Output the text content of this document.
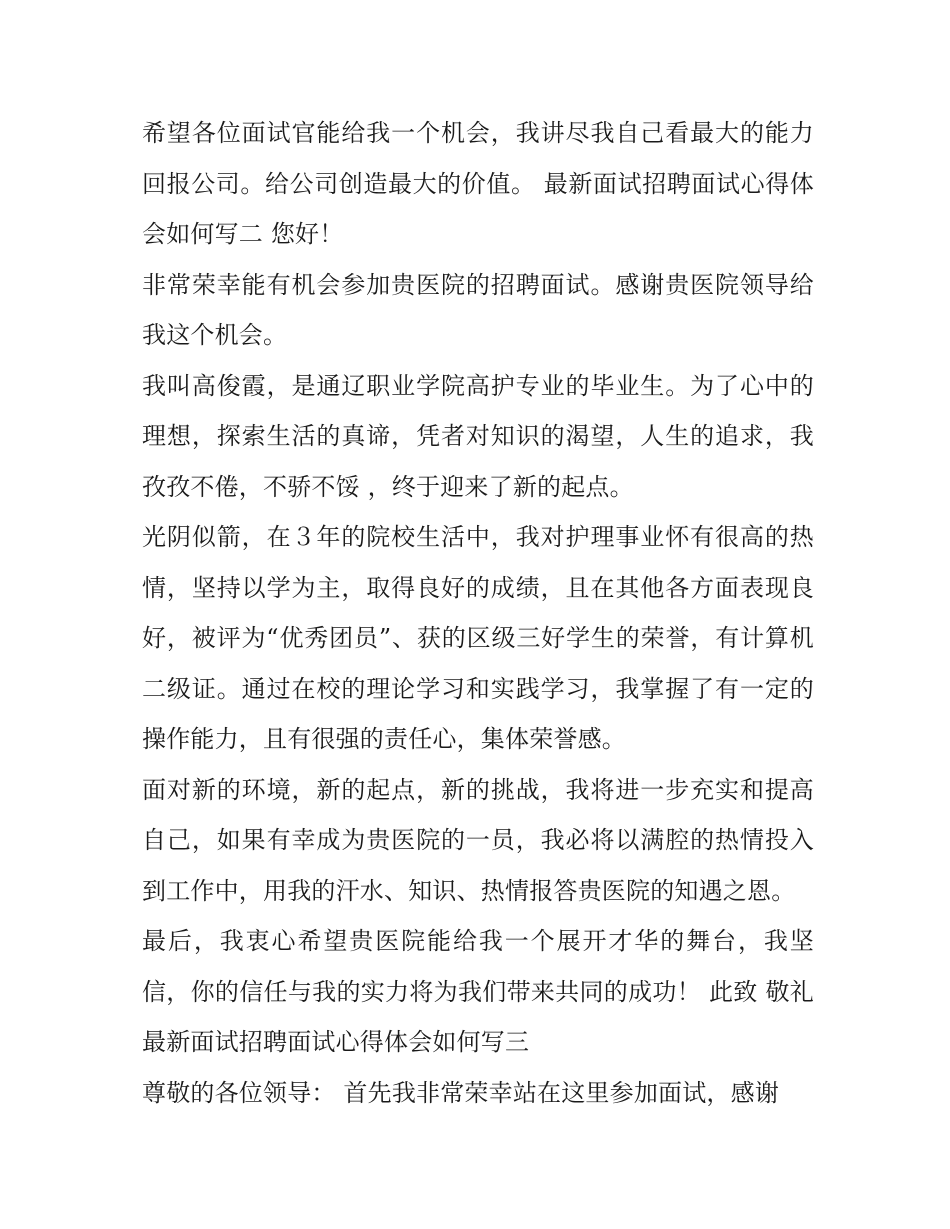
希望各位面试官能给我一个机会，我讲尽我自己看最大的能力回报公司。给公司创造最大的价值。 最新面试招聘面试心得体会如何写二 您好！

非常荣幸能有机会参加贵医院的招聘面试。感谢贵医院领导给我这个机会。

我叫高俊霞，是通辽职业学院高护专业的毕业生。为了心中的理想，探索生活的真谛，凭者对知识的渴望，人生的追求，我孜孜不倦，不骄不馁 ，终于迎来了新的起点。

光阴似箭，在３年的院校生活中，我对护理事业怀有很高的热情，坚持以学为主，取得良好的成绩，且在其他各方面表现良好，被评为“优秀团员”、获的区级三好学生的荣誉，有计算机二级证。通过在校的理论学习和实践学习，我掌握了有一定的操作能力，且有很强的责任心，集体荣誉感。

面对新的环境，新的起点，新的挑战，我将进一步充实和提高自己，如果有幸成为贵医院的一员，我必将以满腔的热情投入到工作中，用我的汗水、知识、热情报答贵医院的知遇之恩。

最后，我衷心希望贵医院能给我一个展开才华的舞台，我坚信，你的信任与我的实力将为我们带来共同的成功！ 此致 敬礼 最新面试招聘面试心得体会如何写三

尊敬的各位领导： 首先我非常荣幸站在这里参加面试，感谢
